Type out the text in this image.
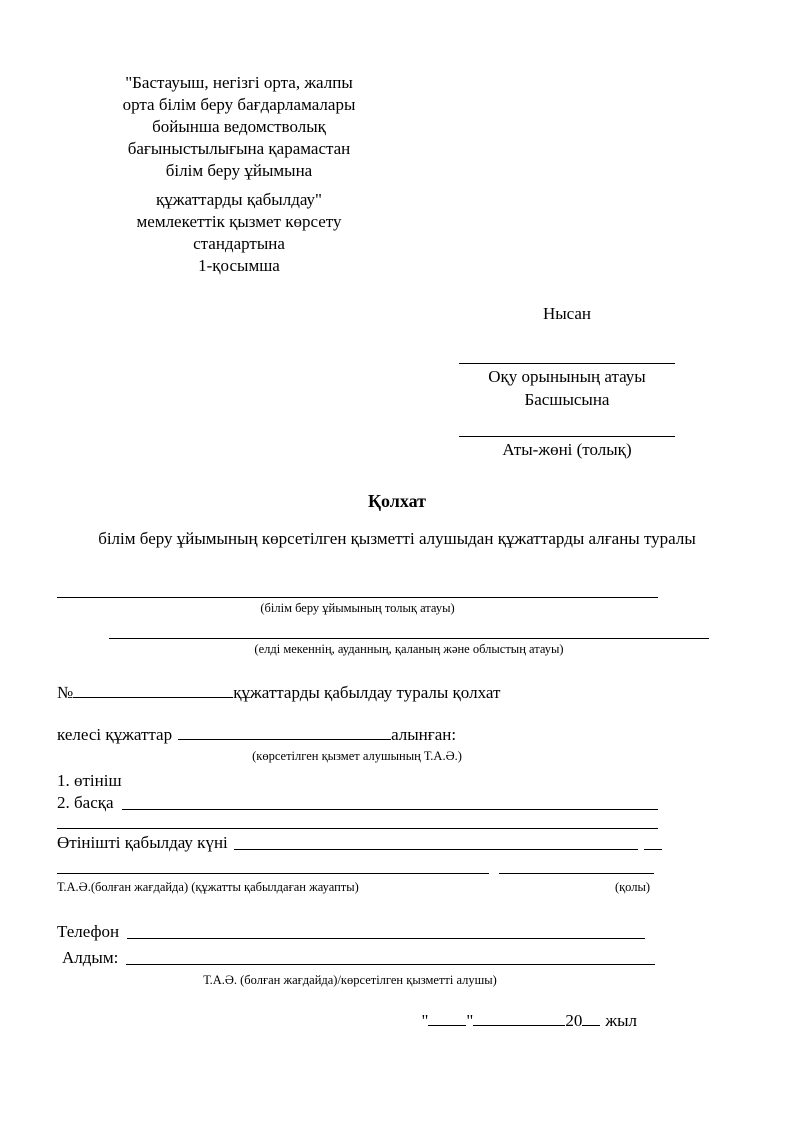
"Бастауыш, негізгі орта, жалпы
орта білім беру бағдарламалары
бойынша ведомстволық
бағыныстылығына қарамастан
білім беру ұйымына
құжаттарды қабылдау"
мемлекеттік қызмет көрсету
стандартына
1-қосымша
Нысан
Оқу орынының атауы
Басшысына
Аты-жөні (толық)
Қолхат
білім беру ұйымының көрсетілген қызметті алушыдан құжаттарды алғаны туралы
(білім беру ұйымының толық атауы)
(елді мекеннің, ауданның, қаланың және облыстың атауы)
№	құжаттарды қабылдау туралы қолхат
келесі құжаттар	алынған:
(көрсетілген қызмет алушының Т.А.Ә.)
1. өтініш
2. басқа
Өтінішті қабылдау күні
Т.А.Ә.(болған жағдайда) (құжатты қабылдаған жауапты)	(қолы)
Телефон
Алдым:
Т.А.Ә. (болған жағдайда)/көрсетілген қызметті алушы)
" "	20 жыл
